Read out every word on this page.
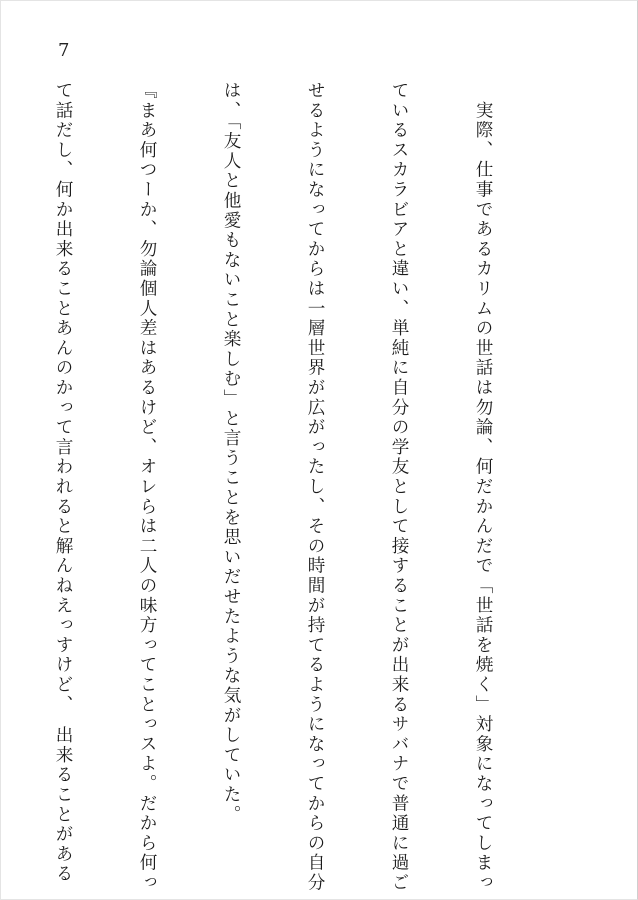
7

　実際、仕事であるカリムの世話は勿論、何だかんだで「世話を焼く」対象になってしまっ

ているスカラビアと違い、単純に自分の学友として接することが出来るサバナで普通に過ご

せるようになってからは一層世界が広がったし、その時間が持てるようになってからの自分

は、「友人と他愛もないこと楽しむ」と言うことを思いだせたような気がしていた。

『まあ何つーか、勿論個人差はあるけど、オレらは二人の味方ってことっスよ。だから何っ

て話だし、何か出来ることあんのかって言われると解んねえっすけど、　出来ることがある
